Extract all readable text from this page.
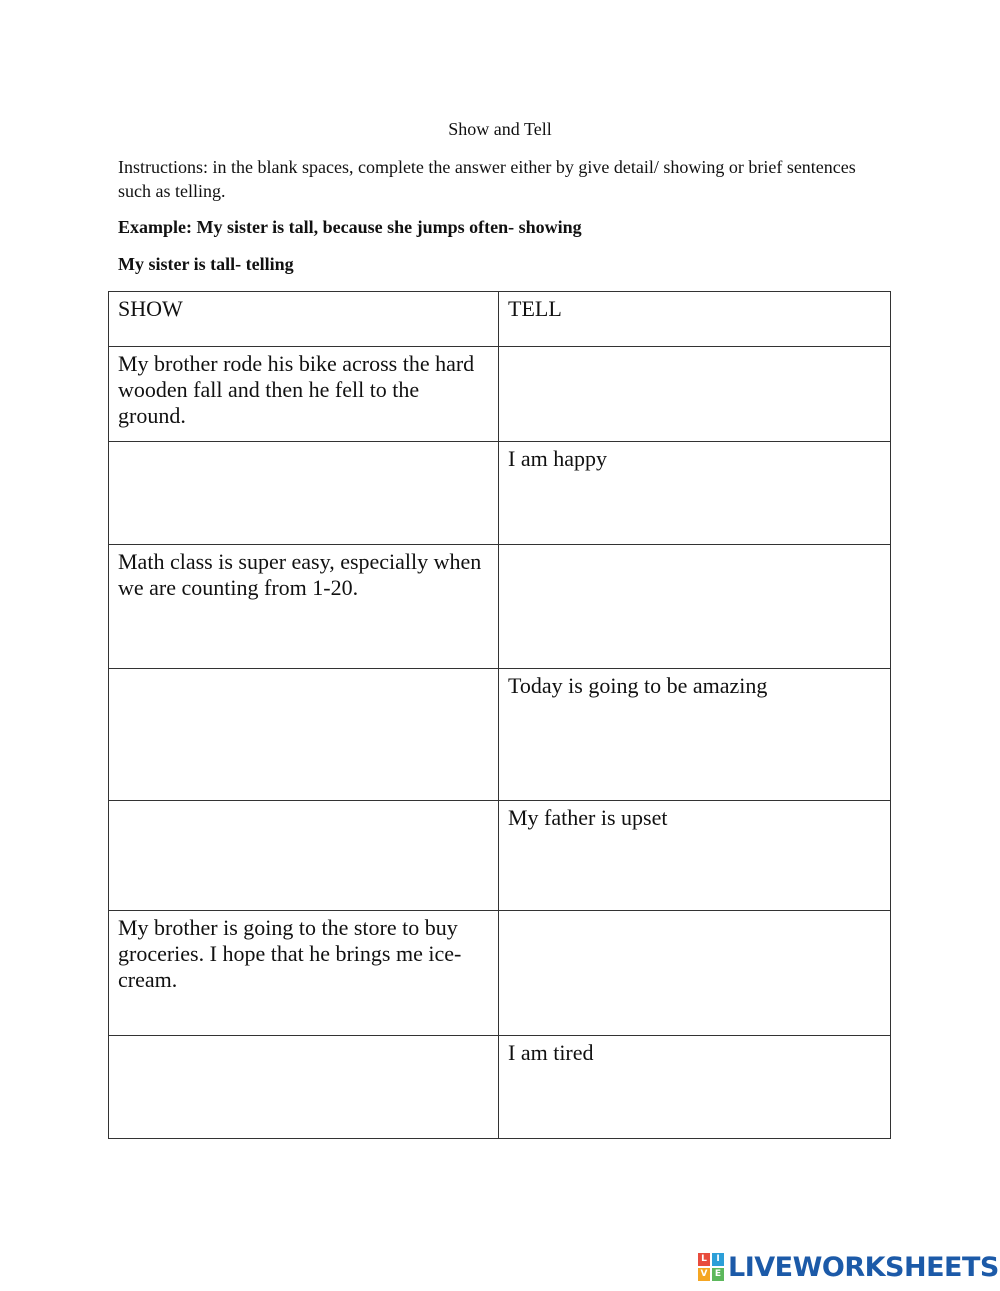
Show and Tell
Instructions: in the blank spaces, complete the answer either by give detail/ showing or brief sentences such as telling.
Example: My sister is tall, because she jumps often- showing
My sister is tall- telling
SHOW	TELL
My brother rode his bike across the hard wooden fall and then he fell to the ground.	
	I am happy
Math class is super easy, especially when we are counting from 1-20.	
	Today is going to be amazing
	My father is upset
My brother is going to the store to buy groceries. I hope that he brings me ice-cream.	
	I am tired
L	I
V E LIVEWORKSHEETS
